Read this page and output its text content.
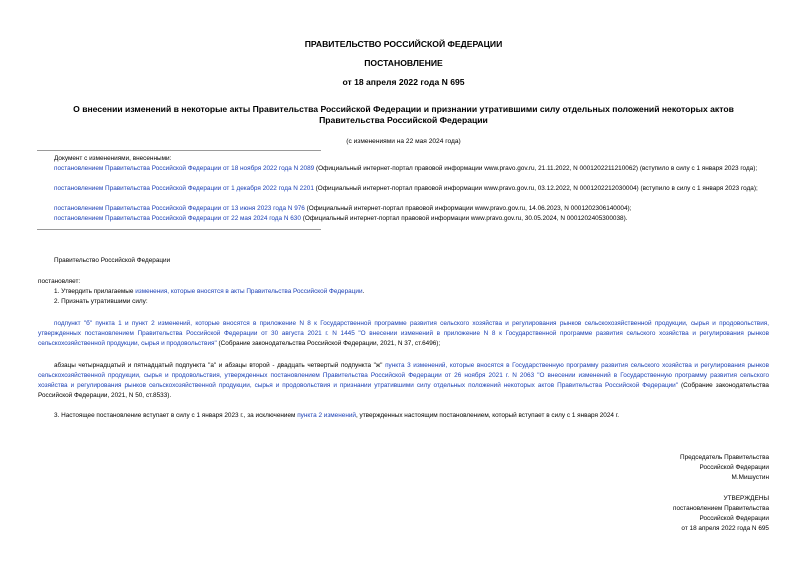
ПРАВИТЕЛЬСТВО РОССИЙСКОЙ ФЕДЕРАЦИИ
ПОСТАНОВЛЕНИЕ
от 18 апреля 2022 года N 695
О внесении изменений в некоторые акты Правительства Российской Федерации и признании утратившими силу отдельных положений некоторых актов Правительства Российской Федерации
(с изменениями на 22 мая 2024 года)
Документ с изменениями, внесенными:
постановлением Правительства Российской Федерации от 18 ноября 2022 года N 2089 (Официальный интернет-портал правовой информации www.pravo.gov.ru, 21.11.2022, N 0001202211210062) (вступило в силу с 1 января 2023 года);
постановлением Правительства Российской Федерации от 1 декабря 2022 года N 2201 (Официальный интернет-портал правовой информации www.pravo.gov.ru, 03.12.2022, N 0001202212030004) (вступило в силу с 1 января 2023 года);
постановлением Правительства Российской Федерации от 13 июня 2023 года N 976 (Официальный интернет-портал правовой информации www.pravo.gov.ru, 14.06.2023, N 0001202306140004);
постановлением Правительства Российской Федерации от 22 мая 2024 года N 630 (Официальный интернет-портал правовой информации www.pravo.gov.ru, 30.05.2024, N 0001202405300038).
Правительство Российской Федерации
постановляет:
1. Утвердить прилагаемые изменения, которые вносятся в акты Правительства Российской Федерации.
2. Признать утратившими силу:
подпункт "б" пункта 1 и пункт 2 изменений, которые вносятся в приложение N 8 к Государственной программе развития сельского хозяйства и регулирования рынков сельскохозяйственной продукции, сырья и продовольствия, утвержденных постановлением Правительства Российской Федерации от 30 августа 2021 г. N 1445 "О внесении изменений в приложение N 8 к Государственной программе развития сельского хозяйства и регулирования рынков сельскохозяйственной продукции, сырья и продовольствия" (Собрание законодательства Российской Федерации, 2021, N 37, ст.6496);
абзацы четырнадцатый и пятнадцатый подпункта "а" и абзацы второй - двадцать четвертый подпункта "ж" пункта 3 изменений, которые вносятся в Государственную программу развития сельского хозяйства и регулирования рынков сельскохозяйственной продукции, сырья и продовольствия, утвержденных постановлением Правительства Российской Федерации от 26 ноября 2021 г. N 2063 "О внесении изменений в Государственную программу развития сельского хозяйства и регулирования рынков сельскохозяйственной продукции, сырья и продовольствия и признании утратившими силу отдельных положений некоторых актов Правительства Российской Федерации" (Собрание законодательства Российской Федерации, 2021, N 50, ст.8533).
3. Настоящее постановление вступает в силу с 1 января 2023 г., за исключением пункта 2 изменений, утвержденных настоящим постановлением, который вступает в силу с 1 января 2024 г.
Председатель Правительства
Российской Федерации
М.Мишустин
УТВЕРЖДЕНЫ
постановлением Правительства
Российской Федерации
от 18 апреля 2022 года N 695
